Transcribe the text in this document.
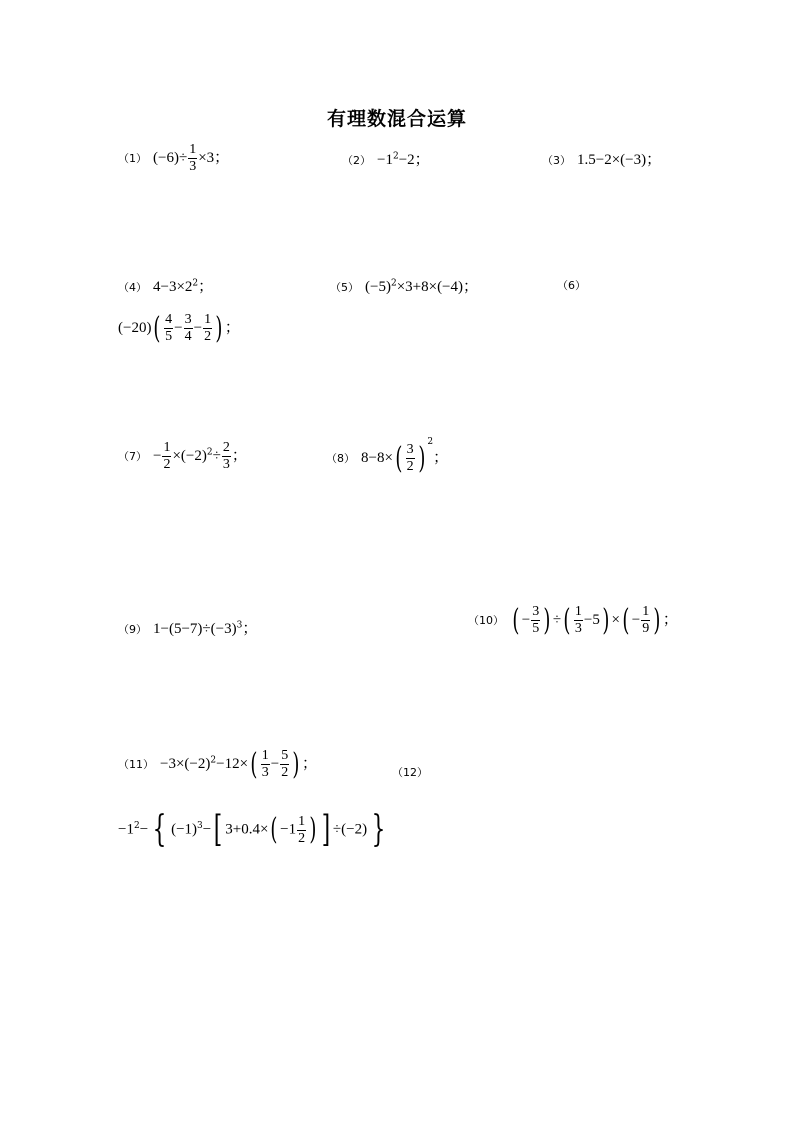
有理数混合运算
（1） $(-6)\div \frac{1}{3} \times 3$；	$(2) -1^2-2$；	（3） 1.5−2×(−3)；
（4） $4-3\times 2^2$；	（5） $(-5)^2\times 3+8\times(-4)$；	（6）
$(-20)( \frac{4}{5} - \frac{3}{4} - \frac{1}{2}$ ) ；
$(7) - \frac{1}{2} \times(-2)^2\div \frac{2}{3}$ ；	（8） $8-8\times( \frac{3}{2}$ ) $^2$；
（9） $1-(5-7)\div(-3)^3$；
（10） ( − $\frac{3}{5}$ ) ÷( $\frac{1}{3} -5$) ×( − $\frac{1}{9}$ ) ；
$(11) -3\times(-2)^2-12\times( \frac{1}{3} - \frac{5}{2}$ ) ；
（12）
$-1^2-$ { $(-1)^3-$[ $3+0.4\times( -1 \frac{1}{2}$ ) ] ÷(−2) }
